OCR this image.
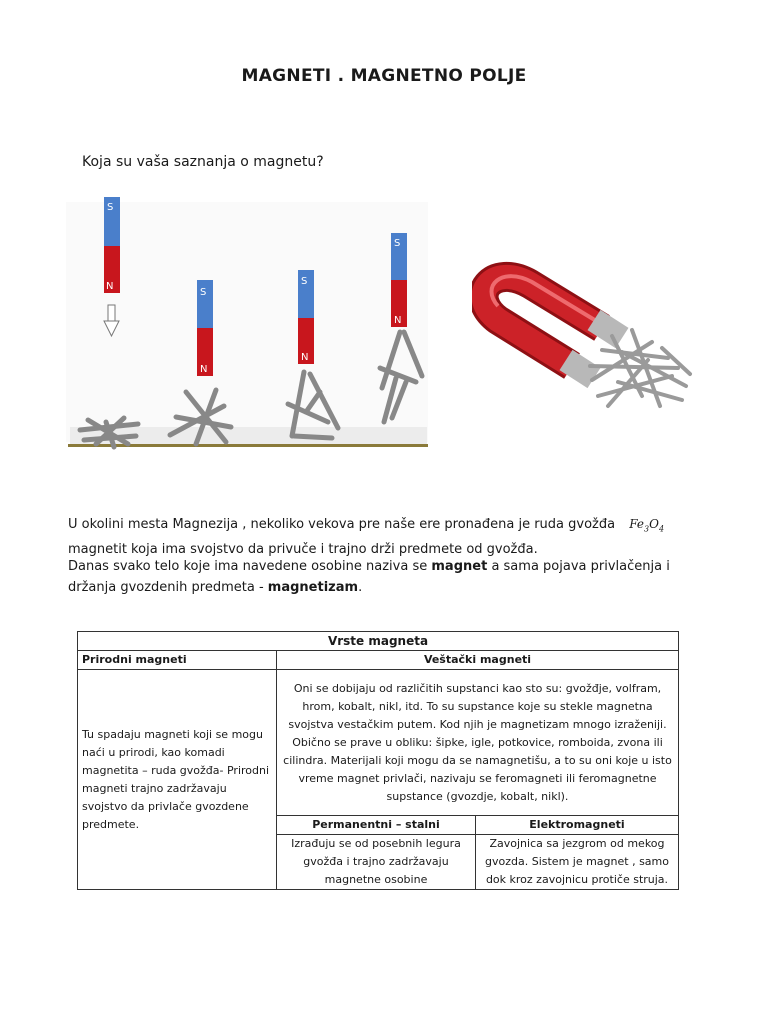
MAGNETI . MAGNETNO POLJE
Koja su vaša saznanja o magnetu?
S
N
S
N
S
N
S
N
U okolini mesta Magnezija , nekoliko vekova pre naše ere pronađena je ruda gvožđa $Fe_3O_4$
magnetit koja ima svojstvo da privuče i trajno drži predmete od gvožđa.
Danas svako telo koje ima navedene osobine naziva se magnet a sama pojava privlačenja i držanja gvozdenih predmeta - magnetizam.
Vrste magneta		
Prirodni magneti	Veštački magneti	
Tu spadaju magneti koji se mogu naći u prirodi, kao komadi magnetita – ruda gvožđa- Prirodni magneti trajno zadržavaju svojstvo da privlače gvozdene predmete.	Oni se dobijaju od različitih supstanci kao sto su: gvožđje, volfram, hrom, kobalt, nikl, itd. To su supstance koje su stekle magnetna svojstva vestačkim putem. Kod njih je magnetizam mnogo izraženiji. Obično se prave u obliku: šipke, igle, potkovice, romboida, zvona ili cilindra. Materijali koji mogu da se namagnetišu, a to su oni koje u isto vreme magnet privlači, nazivaju se feromagneti ili feromagnetne supstance (gvozdje, kobalt, nikl).	
	Permanentni – stalni	Elektromagneti
	Izrađuju se od posebnih legura gvožđa i trajno zadržavaju magnetne osobine	Zavojnica sa jezgrom od mekog gvozda. Sistem je magnet , samo dok kroz zavojnicu protiče struja.
